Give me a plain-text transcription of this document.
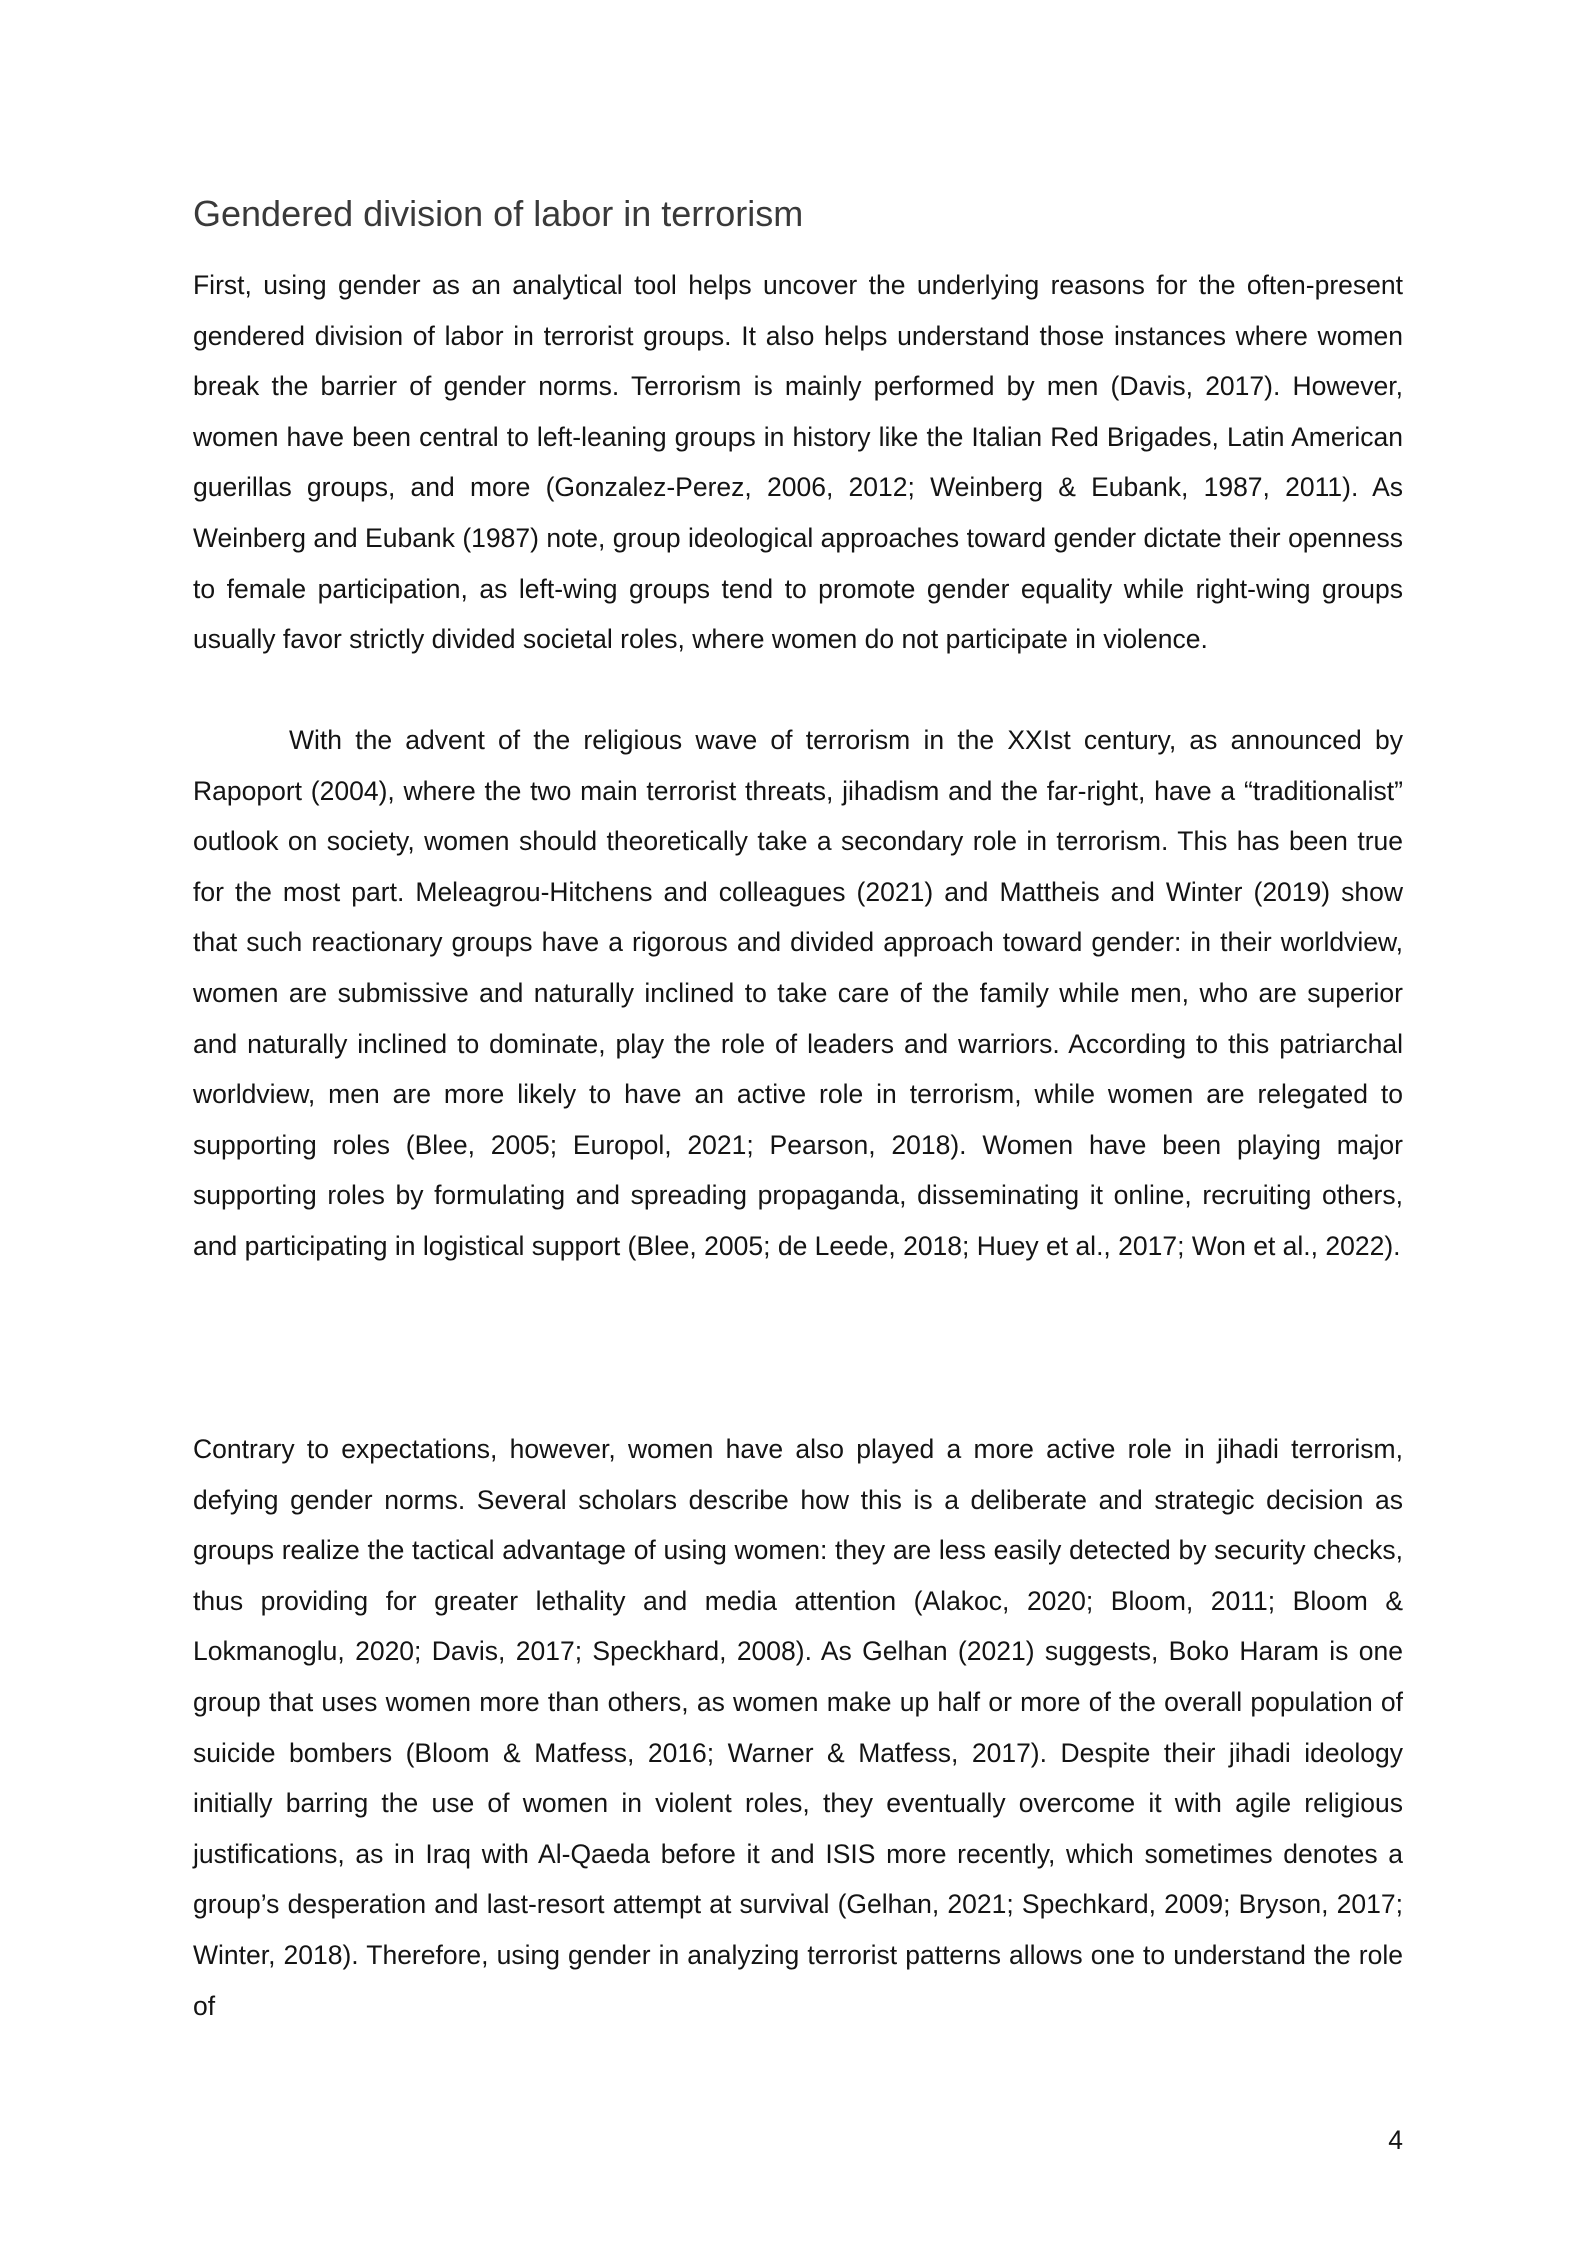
Gendered division of labor in terrorism

First, using gender as an analytical tool helps uncover the underlying reasons for the often-present gendered division of labor in terrorist groups. It also helps understand those instances where women break the barrier of gender norms. Terrorism is mainly performed by men (Davis, 2017). However, women have been central to left-leaning groups in history like the Italian Red Brigades, Latin American guerillas groups, and more (Gonzalez-Perez, 2006, 2012; Weinberg & Eubank, 1987, 2011). As Weinberg and Eubank (1987) note, group ideological approaches toward gender dictate their openness to female participation, as left-wing groups tend to promote gender equality while right-wing groups usually favor strictly divided societal roles, where women do not participate in violence.

With the advent of the religious wave of terrorism in the XXIst century, as announced by Rapoport (2004), where the two main terrorist threats, jihadism and the far-right, have a “traditionalist” outlook on society, women should theoretically take a secondary role in terrorism. This has been true for the most part. Meleagrou-Hitchens and colleagues (2021) and Mattheis and Winter (2019) show that such reactionary groups have a rigorous and divided approach toward gender: in their worldview, women are submissive and naturally inclined to take care of the family while men, who are superior and naturally inclined to dominate, play the role of leaders and warriors. According to this patriarchal worldview, men are more likely to have an active role in terrorism, while women are relegated to supporting roles (Blee, 2005; Europol, 2021; Pearson, 2018). Women have been playing major supporting roles by formulating and spreading propaganda, disseminating it online, recruiting others, and participating in logistical support (Blee, 2005; de Leede, 2018; Huey et al., 2017; Won et al., 2022).

Contrary to expectations, however, women have also played a more active role in jihadi terrorism, defying gender norms. Several scholars describe how this is a deliberate and strategic decision as groups realize the tactical advantage of using women: they are less easily detected by security checks, thus providing for greater lethality and media attention (Alakoc, 2020; Bloom, 2011; Bloom & Lokmanoglu, 2020; Davis, 2017; Speckhard, 2008). As Gelhan (2021) suggests, Boko Haram is one group that uses women more than others, as women make up half or more of the overall population of suicide bombers (Bloom & Matfess, 2016; Warner & Matfess, 2017). Despite their jihadi ideology initially barring the use of women in violent roles, they eventually overcome it with agile religious justifications, as in Iraq with Al-Qaeda before it and ISIS more recently, which sometimes denotes a group’s desperation and last-resort attempt at survival (Gelhan, 2021; Spechkard, 2009; Bryson, 2017; Winter, 2018). Therefore, using gender in analyzing terrorist patterns allows one to understand the role of

4
